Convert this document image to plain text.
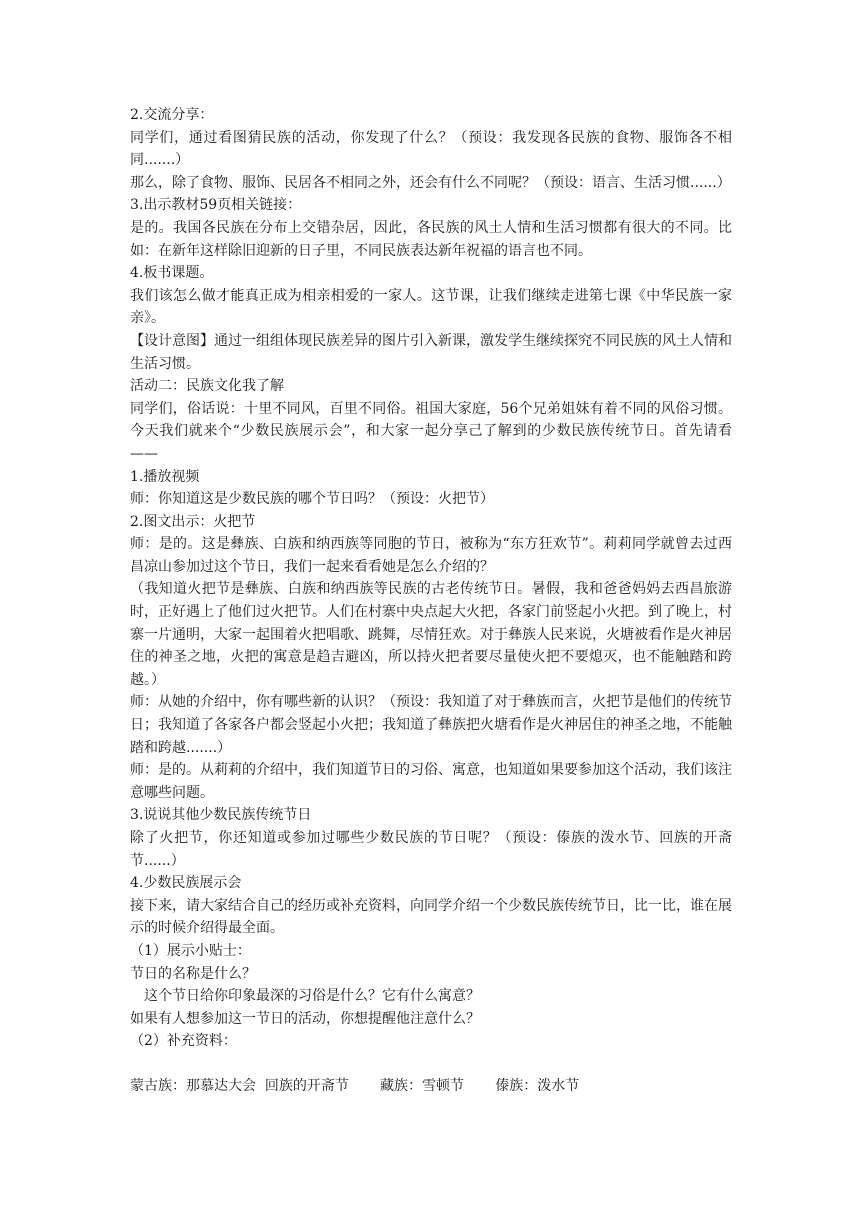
2.交流分享：

同学们，通过看图猜民族的活动，你发现了什么？（预设：我发现各民族的食物、服饰各不相同.......）

那么，除了食物、服饰、民居各不相同之外，还会有什么不同呢？（预设：语言、生活习惯......）

3.出示教材59页相关链接：

是的。我国各民族在分布上交错杂居，因此，各民族的风土人情和生活习惯都有很大的不同。比如：在新年这样除旧迎新的日子里，不同民族表达新年祝福的语言也不同。

4.板书课题。

我们该怎么做才能真正成为相亲相爱的一家人。这节课，让我们继续走进第七课《中华民族一家亲》。

【设计意图】通过一组组体现民族差异的图片引入新课，激发学生继续探究不同民族的风土人情和生活习惯。

活动二：民族文化我了解

同学们，俗话说：十里不同风，百里不同俗。祖国大家庭，56个兄弟姐妹有着不同的风俗习惯。今天我们就来个“少数民族展示会”，和大家一起分享己了解到的少数民族传统节日。首先请看——

1.播放视频

师：你知道这是少数民族的哪个节日吗？（预设：火把节）

2.图文出示：火把节

师：是的。这是彝族、白族和纳西族等同胞的节日，被称为“东方狂欢节”。莉莉同学就曾去过西昌凉山参加过这个节日，我们一起来看看她是怎么介绍的？

（我知道火把节是彝族、白族和纳西族等民族的古老传统节日。暑假，我和爸爸妈妈去西昌旅游时，正好遇上了他们过火把节。人们在村寨中央点起大火把，各家门前竖起小火把。到了晚上，村寨一片通明，大家一起围着火把唱歌、跳舞，尽情狂欢。对于彝族人民来说，火塘被看作是火神居住的神圣之地，火把的寓意是趋吉避凶，所以持火把者要尽量使火把不要熄灭，也不能触踏和跨越。）

师：从她的介绍中，你有哪些新的认识？（预设：我知道了对于彝族而言，火把节是他们的传统节日；我知道了各家各户都会竖起小火把；我知道了彝族把火塘看作是火神居住的神圣之地，不能触踏和跨越.......）

师：是的。从莉莉的介绍中，我们知道节日的习俗、寓意，也知道如果要参加这个活动，我们该注意哪些问题。

3.说说其他少数民族传统节日

除了火把节，你还知道或参加过哪些少数民族的节日呢？（预设：傣族的泼水节、回族的开斋节......）

4.少数民族展示会

接下来，请大家结合自己的经历或补充资料，向同学介绍一个少数民族传统节日，比一比，谁在展示的时候介绍得最全面。

（1）展示小贴士：

节日的名称是什么？

这个节日给你印象最深的习俗是什么？它有什么寓意？

如果有人想参加这一节日的活动，你想提醒他注意什么？

（2）补充资料：

蒙古族：那慕达大会  回族的开斋节       藏族：雪顿节       傣族：泼水节
